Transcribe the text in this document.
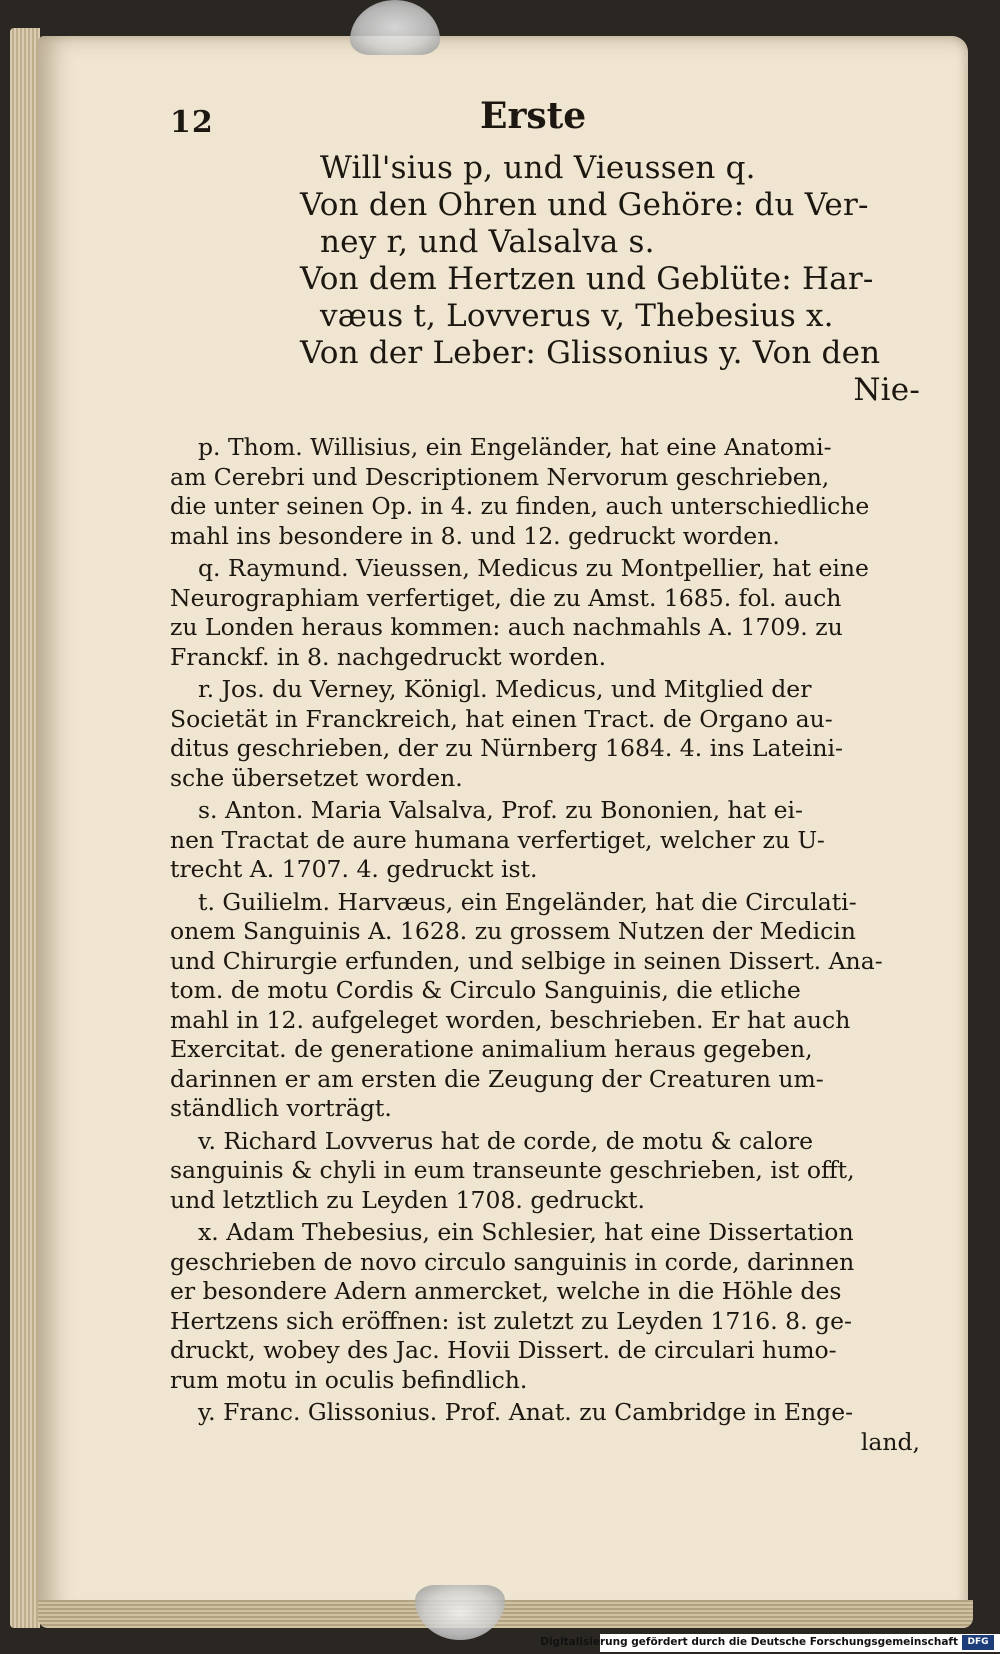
12	Erste
Will'sius p, und Vieussen q.
Von den Ohren und Gehöre: du Ver-
ney r, und Valsalva s.
Von dem Hertzen und Geblüte: Har-
væus t, Lovverus v, Thebesius x.
Von der Leber: Glissonius y. Von den
Nie-
p. Thom. Willisius, ein Engeländer, hat eine Anatomi-
am Cerebri und Descriptionem Nervorum geschrieben,
die unter seinen Op. in 4. zu finden, auch unterschiedliche
mahl ins besondere in 8. und 12. gedruckt worden.
q. Raymund. Vieussen, Medicus zu Montpellier, hat eine
Neurographiam verfertiget, die zu Amst. 1685. fol. auch
zu Londen heraus kommen: auch nachmahls A. 1709. zu
Franckf. in 8. nachgedruckt worden.
r. Jos. du Verney, Königl. Medicus, und Mitglied der
Societät in Franckreich, hat einen Tract. de Organo au-
ditus geschrieben, der zu Nürnberg 1684. 4. ins Lateini-
sche übersetzet worden.
s. Anton. Maria Valsalva, Prof. zu Bononien, hat ei-
nen Tractat de aure humana verfertiget, welcher zu U-
trecht A. 1707. 4. gedruckt ist.
t. Guilielm. Harvæus, ein Engeländer, hat die Circulati-
onem Sanguinis A. 1628. zu grossem Nutzen der Medicin
und Chirurgie erfunden, und selbige in seinen Dissert. Ana-
tom. de motu Cordis & Circulo Sanguinis, die etliche
mahl in 12. aufgeleget worden, beschrieben. Er hat auch
Exercitat. de generatione animalium heraus gegeben,
darinnen er am ersten die Zeugung der Creaturen um-
ständlich vorträgt.
v. Richard Lovverus hat de corde, de motu & calore
sanguinis & chyli in eum transeunte geschrieben, ist offt,
und letztlich zu Leyden 1708. gedruckt.
x. Adam Thebesius, ein Schlesier, hat eine Dissertation
geschrieben de novo circulo sanguinis in corde, darinnen
er besondere Adern anmercket, welche in die Höhle des
Hertzens sich eröffnen: ist zuletzt zu Leyden 1716. 8. ge-
druckt, wobey des Jac. Hovii Dissert. de circulari humo-
rum motu in oculis befindlich.
y. Franc. Glissonius. Prof. Anat. zu Cambridge in Enge-
land,
Digitalisierung gefördert durch die Deutsche Forschungsgemeinschaft	DFG
